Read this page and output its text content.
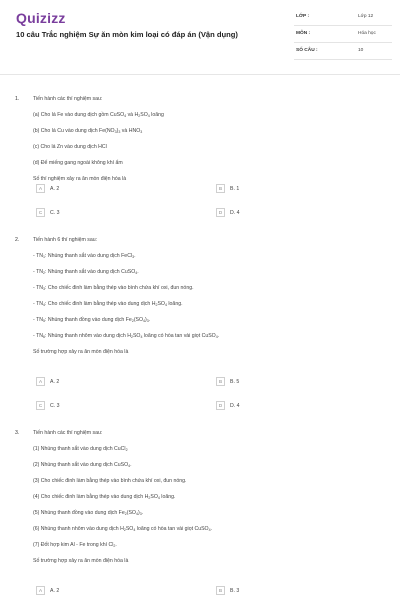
Quizizz
10 câu Trắc nghiệm Sự ăn mòn kim loại có đáp án (Vận dụng)
LỚP :	Lớp 12
MÔN :	Hóa học
SỐ CÂU :	10
1.	Tiến hành các thí nghiệm sau:
(a) Cho lá Fe vào dung dịch gồm CuSO$_4$ và $H_2SO_4$ loãng
(b) Cho lá Cu vào dung dịch $Fe(NO_3)_3$ và $HNO_3$
(c) Cho lá Zn vào dung dịch HCl
(d) Để miếng gang ngoài không khí ẩm
Số thí nghiệm xảy ra ăn mòn điện hóa là
A	A. 2	B	B. 1
C	C. 3	D	D. 4
2.	Tiến hành 6 thí nghiệm sau:
- $TN_1$: Nhúng thanh sắt vào dung dịch FeCl$_3$.
- $TN_2$: Nhúng thanh sắt vào dung dịch CuSO$_4$.
- $TN_3$: Cho chiếc đinh làm bằng thép vào bình chứa khí oxi, đun nóng.
- $TN_4$: Cho chiếc đinh làm bằng thép vào dung dịch $H_2SO_4$ loãng.
- $TN_5$: Nhúng thanh đồng vào dung dịch $Fe_2(SO_4)_3$.
- $TN_6$: Nhúng thanh nhôm vào dung dịch $H_2SO_4$ loãng có hòa tan vài giọt CuSO$_4$.
Số trường hợp xảy ra ăn mòn điện hóa là
A	A. 2	B	B. 5
C	C. 3	D	D. 4
3.	Tiến hành các thí nghiệm sau:
(1) Nhúng thanh sắt vào dung dịch CuCl$_2$
(2) Nhúng thanh sắt vào dung dịch CuSO$_4$.
(3) Cho chiếc đinh làm bằng thép vào bình chứa khí oxi, đun nóng.
(4) Cho chiếc đinh làm bằng thép vào dung dịch $H_2SO_4$ loãng.
(5) Nhúng thanh đồng vào dung dịch $Fe_2(SO_4)_3$.
(6) Nhúng thanh nhôm vào dung dịch $H_2SO_4$ loãng có hòa tan vài giọt CuSO$_4$.
(7) Đốt hợp kim Al - Fe trong khí $Cl_2$.
Số trường hợp xảy ra ăn mòn điện hóa là
A	A. 2	B	B. 3
